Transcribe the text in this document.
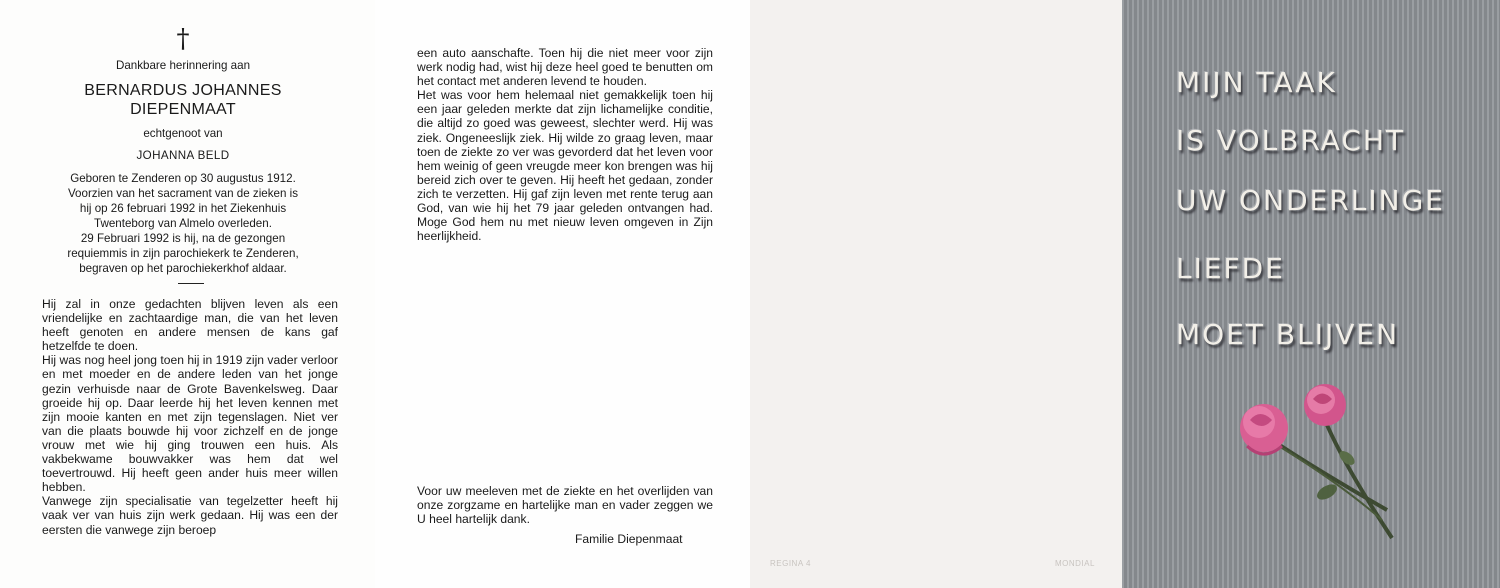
†
Dankbare herinnering aan
BERNARDUS JOHANNES
DIEPENMAAT
echtgenoot van
JOHANNA BELD
Geboren te Zenderen op 30 augustus 1912.
Voorzien van het sacrament van de zieken is
hij op 26 februari 1992 in het Ziekenhuis
Twenteborg van Almelo overleden.
29 Februari 1992 is hij, na de gezongen
requiemmis in zijn parochiekerk te Zenderen,
begraven op het parochiekerkhof aldaar.

Hij zal in onze gedachten blijven leven als een vriendelijke en zachtaardige man, die van het leven heeft genoten en andere mensen de kans gaf hetzelfde te doen.

Hij was nog heel jong toen hij in 1919 zijn vader verloor en met moeder en de andere leden van het jonge gezin verhuisde naar de Grote Bavenkelsweg. Daar groeide hij op. Daar leerde hij het leven kennen met zijn mooie kanten en met zijn tegenslagen. Niet ver van die plaats bouwde hij voor zichzelf en de jonge vrouw met wie hij ging trouwen een huis. Als vakbekwame bouwvakker was hem dat wel toevertrouwd. Hij heeft geen ander huis meer willen hebben.

Vanwege zijn specialisatie van tegelzetter heeft hij vaak ver van huis zijn werk gedaan. Hij was een der eersten die vanwege zijn beroep

een auto aanschafte. Toen hij die niet meer voor zijn werk nodig had, wist hij deze heel goed te benutten om het contact met anderen levend te houden.

Het was voor hem helemaal niet gemakkelijk toen hij een jaar geleden merkte dat zijn lichamelijke conditie, die altijd zo goed was geweest, slechter werd. Hij was ziek. Ongeneeslijk ziek. Hij wilde zo graag leven, maar toen de ziekte zo ver was gevorderd dat het leven voor hem weinig of geen vreugde meer kon brengen was hij bereid zich over te geven. Hij heeft het gedaan, zonder zich te verzetten. Hij gaf zijn leven met rente terug aan God, van wie hij het 79 jaar geleden ontvangen had. Moge God hem nu met nieuw leven omgeven in Zijn heerlijkheid.

Voor uw meeleven met de ziekte en het overlijden van onze zorgzame en hartelijke man en vader zeggen we U heel hartelijk dank.
Familie Diepenmaat
REGINA 4	MONDIAL
MIJN TAAK
IS VOLBRACHT
UW ONDERLINGE
LIEFDE
MOET BLIJVEN
